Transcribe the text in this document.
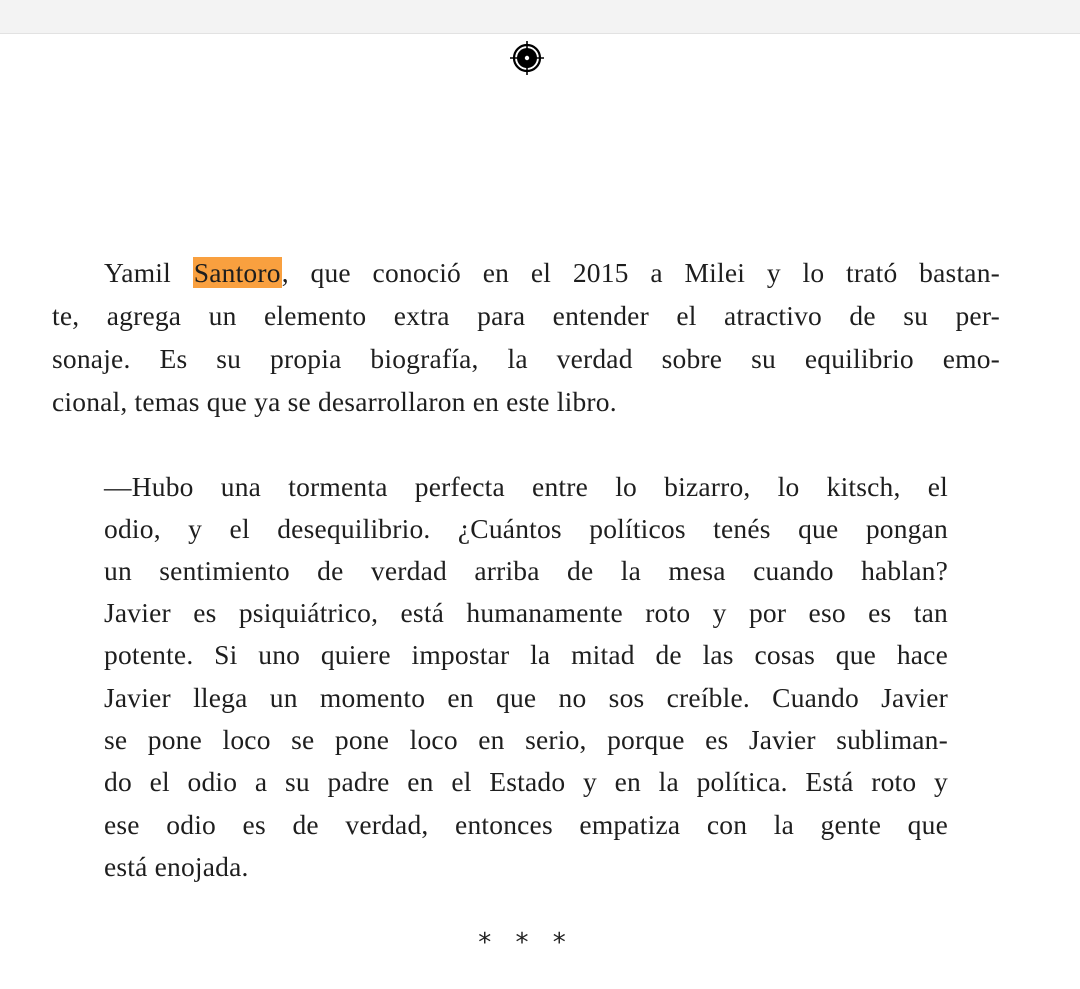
Yamil Santoro, que conoció en el 2015 a Milei y lo trató bastan-
te, agrega un elemento extra para entender el atractivo de su per-
sonaje. Es su propia biografía, la verdad sobre su equilibrio emo-
cional, temas que ya se desarrollaron en este libro.
—Hubo una tormenta perfecta entre lo bizarro, lo kitsch, el
odio, y el desequilibrio. ¿Cuántos políticos tenés que pongan
un sentimiento de verdad arriba de la mesa cuando hablan?
Javier es psiquiátrico, está humanamente roto y por eso es tan
potente. Si uno quiere impostar la mitad de las cosas que hace
Javier llega un momento en que no sos creíble. Cuando Javier
se pone loco se pone loco en serio, porque es Javier subliman-
do el odio a su padre en el Estado y en la política. Está roto y
ese odio es de verdad, entonces empatiza con la gente que
está enojada.
* * *
